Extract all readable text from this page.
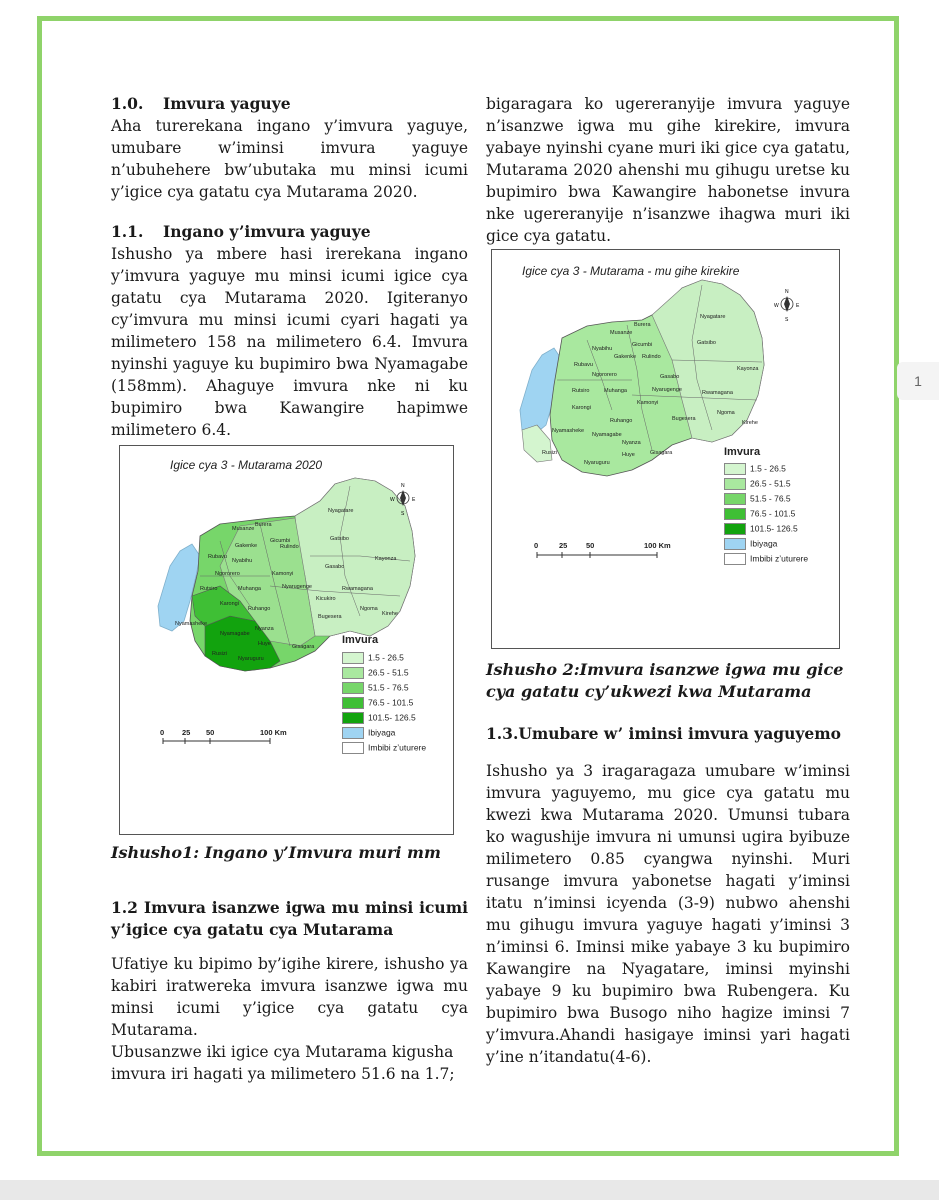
1.0. Imvura yaguye

Aha turerekana ingano y’imvura yaguye, umubare w’iminsi imvura yaguye n’ubuhehere bw’ubutaka mu minsi icumi y’igice cya gatatu cya Mutarama 2020.

1.1. Ingano y’imvura yaguye

Ishusho ya mbere hasi irerekana ingano y’imvura yaguye mu minsi icumi igice cya gatatu cya Mutarama 2020. Igiteranyo cy’imvura mu minsi icumi cyari hagati ya milimetero 158 na milimetero 6.4. Imvura nyinshi yaguye ku bupimiro bwa Nyamagabe (158mm). Ahaguye imvura nke ni ku bupimiro bwa Kawangire hapimwe milimetero 6.4.

Igice cya 3 - Mutarama 2020
N
E
W
S
Nyagatare
Musanze
Burera
Gicumbi
Gakenke	Rulindo
Gatsibo
Rubavu
Nyabihu	Kayonza
Ngororero	Kamonyi
Gasabo
Muhanga	Rwamagana
Rutsiro
Karongi
Kicukiro
Ngoma
Nyarugenge
Ruhango
Bugesera	Kirehe
Nyamasheke
Nyamagabe
Nyanza
Huye	Gisagara
Rusizi
Nyaruguru
0 25 50	100 Km
Imvura
1.5 - 26.5
26.5 - 51.5
51.5 - 76.5
76.5 - 101.5
101.5- 126.5
Ibiyaga
Imbibi z’uturere
Ishusho1: Ingano y’Imvura muri mm

1.2 Imvura isanzwe igwa mu minsi icumi y’igice cya gatatu cya Mutarama

Ufatiye ku bipimo by’igihe kirere, ishusho ya kabiri iratwereka imvura isanzwe igwa mu minsi icumi y’igice cya gatatu cya Mutarama.

Ubusanzwe iki igice cya Mutarama kigusha imvura iri hagati ya milimetero 51.6 na 1.7;

bigaragara ko ugereranyije imvura yaguye n’isanzwe igwa mu gihe kirekire, imvura yabaye nyinshi cyane muri iki gice cya gatatu, Mutarama 2020 ahenshi mu gihugu uretse ku bupimiro bwa Kawangire habonetse invura nke ugereranyije n’isanzwe ihagwa muri iki gice cya gatatu.
Igice cya 3 - Mutarama - mu gihe kirekire
N
E
W
S
Nyagatare
Burera
Musanze
Gicumbi	Gatsibo
Nyabihu
Gakenke Rulindo
Rubavu
Ngororero	Gasabo
Kayonza
Rutsiro	Muhanga	Nyarugenge	Rwamagana
Karongi
Kamonyi
Ngoma
Ruhango	Bugesera
Kirehe
Nyamasheke
Nyamagabe
Nyanza
Huye	Gisagara
Rusizi
Nyaruguru
0	25 50	100 Km
Imvura
1.5 - 26.5
26.5 - 51.5
51.5 - 76.5
76.5 - 101.5
101.5- 126.5
Ibiyaga
Imbibi z’uturere
Ishusho 2:Imvura isanzwe igwa mu gice cya gatatu cy’ukwezi kwa Mutarama
1.3.Umubare w’ iminsi imvura yaguyemo
Ishusho ya 3 iragaragaza umubare w’iminsi imvura yaguyemo, mu gice cya gatatu mu kwezi kwa Mutarama 2020. Umunsi tubara ko wagushije imvura ni umunsi ugira byibuze milimetero 0.85 cyangwa nyinshi. Muri rusange imvura yabonetse hagati y’iminsi itatu n’iminsi icyenda (3-9) nubwo ahenshi mu gihugu imvura yaguye hagati y’iminsi 3 n’iminsi 6. Iminsi mike yabaye 3 ku bupimiro Kawangire na Nyagatare, iminsi myinshi yabaye 9 ku bupimiro bwa Rubengera. Ku bupimiro bwa Busogo niho hagize iminsi 7 y’imvura.Ahandi hasigaye iminsi yari hagati y’ine n’itandatu(4-6).
1
